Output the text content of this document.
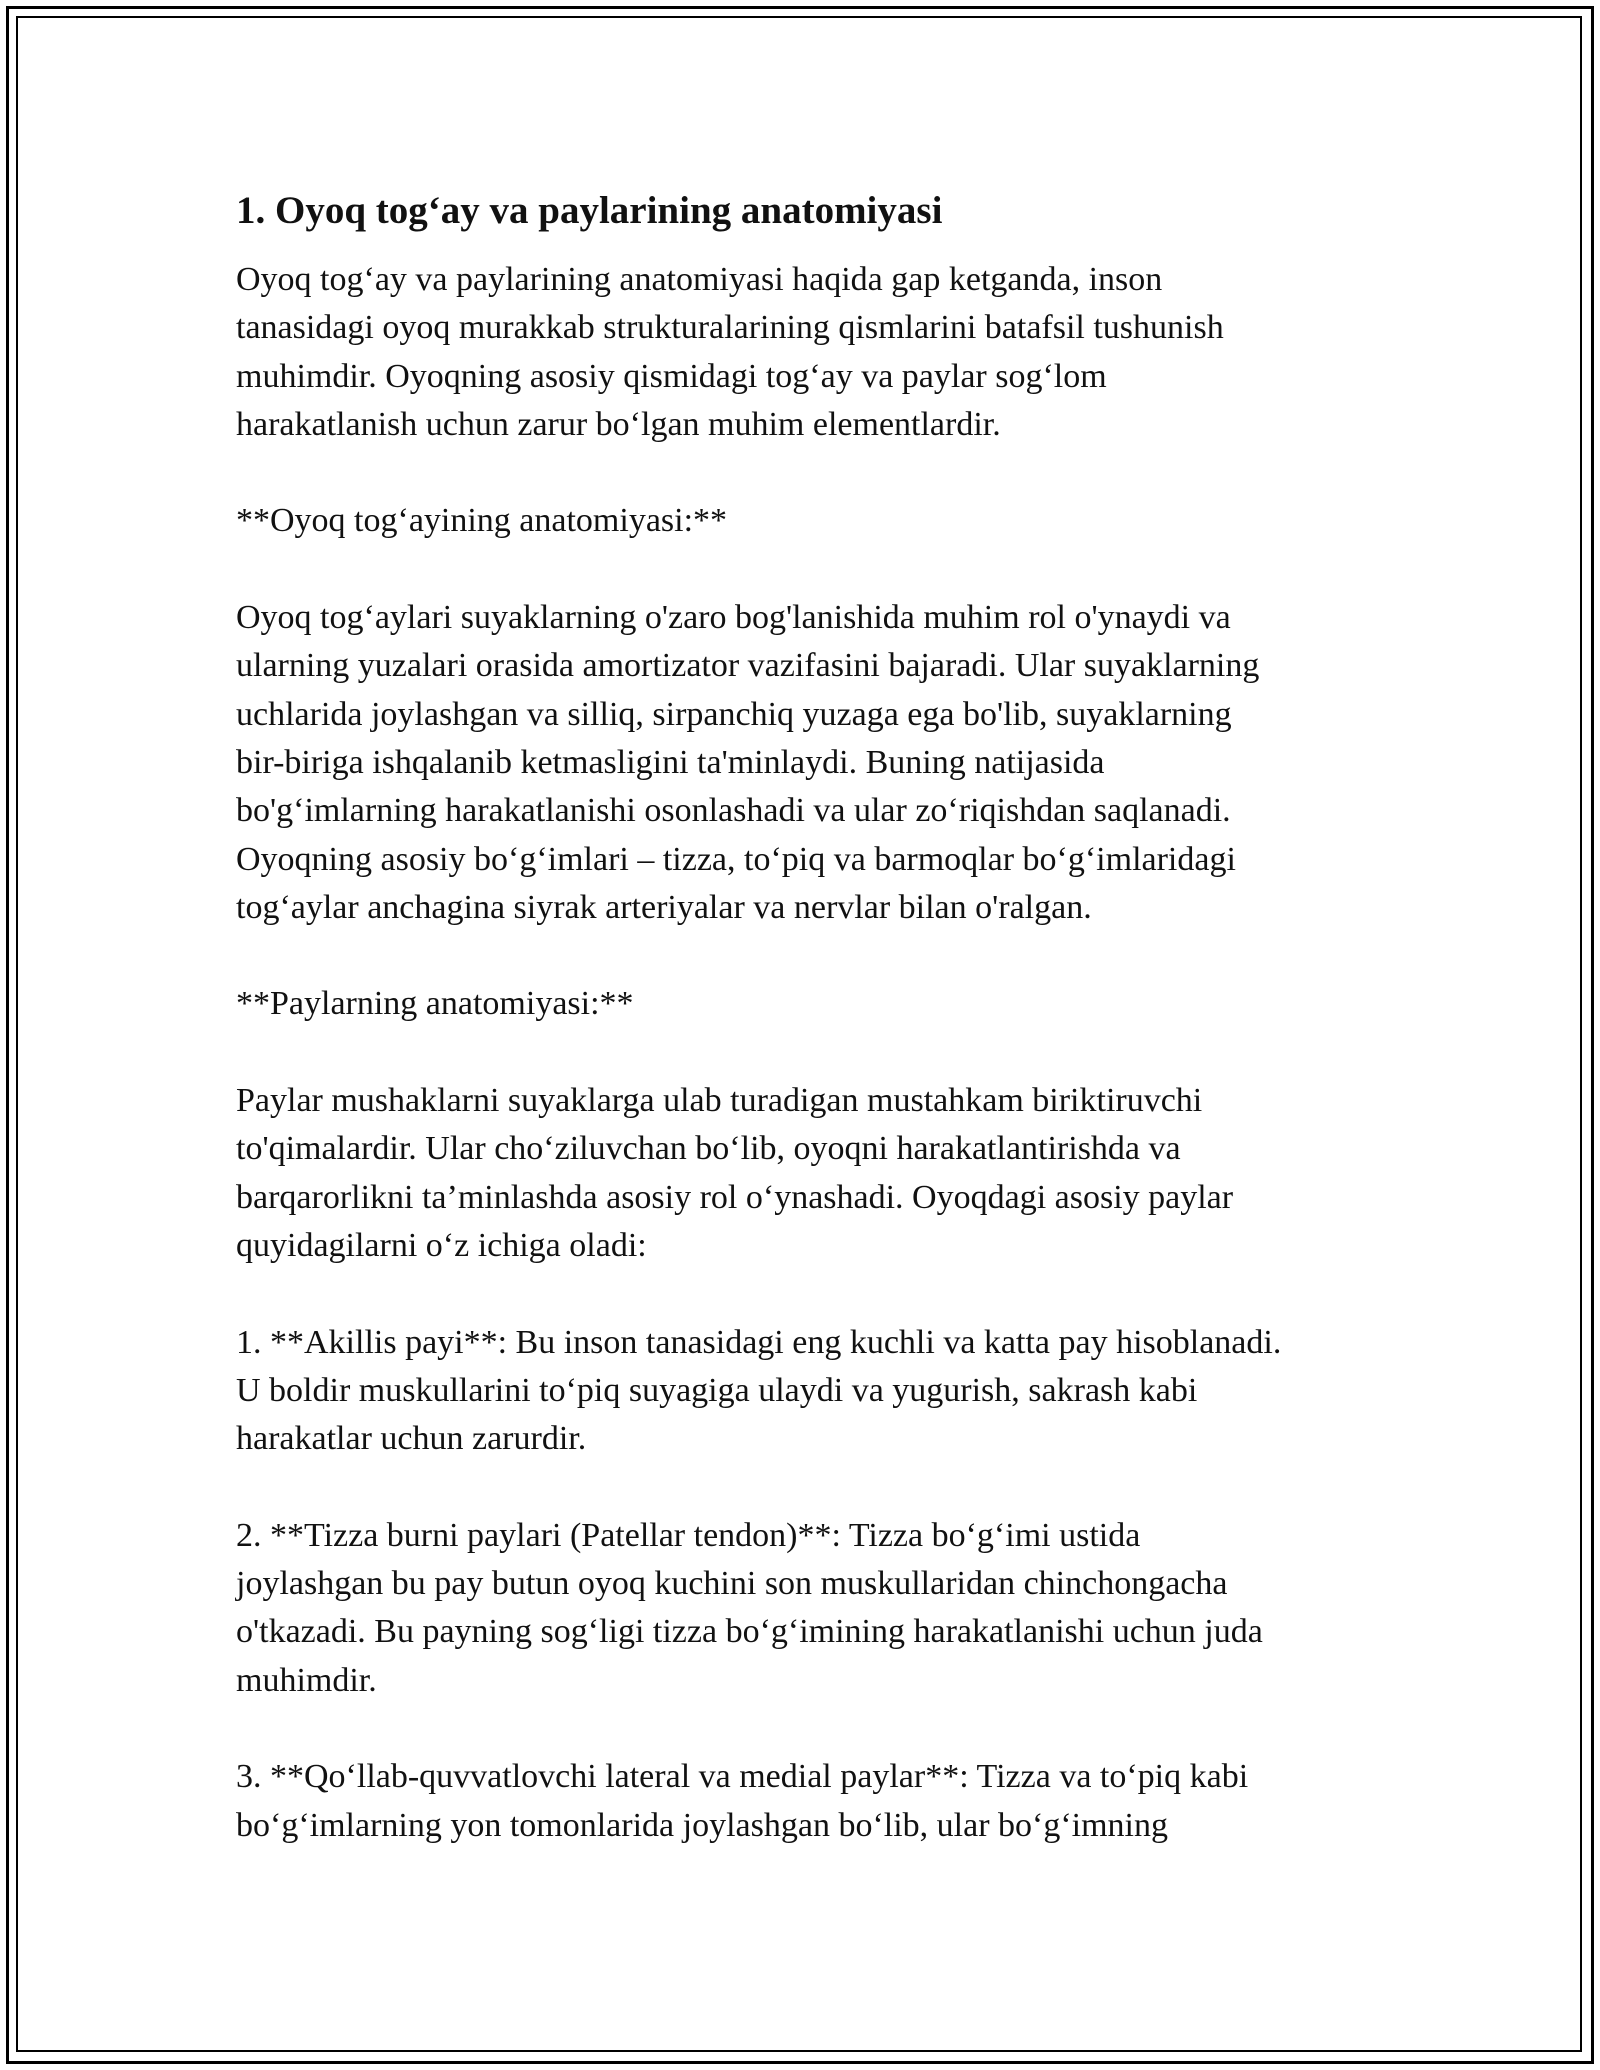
1. Oyoq tog‘ay va paylarining anatomiyasi

Oyoq tog‘ay va paylarining anatomiyasi haqida gap ketganda, inson
tanasidagi oyoq murakkab strukturalarining qismlarini batafsil tushunish
muhimdir. Oyoqning asosiy qismidagi tog‘ay va paylar sog‘lom
harakatlanish uchun zarur bo‘lgan muhim elementlardir.

**Oyoq tog‘ayining anatomiyasi:**

Oyoq tog‘aylari suyaklarning o'zaro bog'lanishida muhim rol o'ynaydi va
ularning yuzalari orasida amortizator vazifasini bajaradi. Ular suyaklarning
uchlarida joylashgan va silliq, sirpanchiq yuzaga ega bo'lib, suyaklarning
bir-biriga ishqalanib ketmasligini ta'minlaydi. Buning natijasida
bo'g‘imlarning harakatlanishi osonlashadi va ular zo‘riqishdan saqlanadi.
Oyoqning asosiy bo‘g‘imlari – tizza, to‘piq va barmoqlar bo‘g‘imlaridagi
tog‘aylar anchagina siyrak arteriyalar va nervlar bilan o'ralgan.

**Paylarning anatomiyasi:**

Paylar mushaklarni suyaklarga ulab turadigan mustahkam biriktiruvchi
to'qimalardir. Ular cho‘ziluvchan bo‘lib, oyoqni harakatlantirishda va
barqarorlikni ta’minlashda asosiy rol o‘ynashadi. Oyoqdagi asosiy paylar
quyidagilarni o‘z ichiga oladi:

1. **Akillis payi**: Bu inson tanasidagi eng kuchli va katta pay hisoblanadi.
U boldir muskullarini to‘piq suyagiga ulaydi va yugurish, sakrash kabi
harakatlar uchun zarurdir.

2. **Tizza burni paylari (Patellar tendon)**: Tizza bo‘g‘imi ustida
joylashgan bu pay butun oyoq kuchini son muskullaridan chinchongacha
o'tkazadi. Bu payning sog‘ligi tizza bo‘g‘imining harakatlanishi uchun juda
muhimdir.

3. **Qo‘llab-quvvatlovchi lateral va medial paylar**: Tizza va to‘piq kabi
bo‘g‘imlarning yon tomonlarida joylashgan bo‘lib, ular bo‘g‘imning
